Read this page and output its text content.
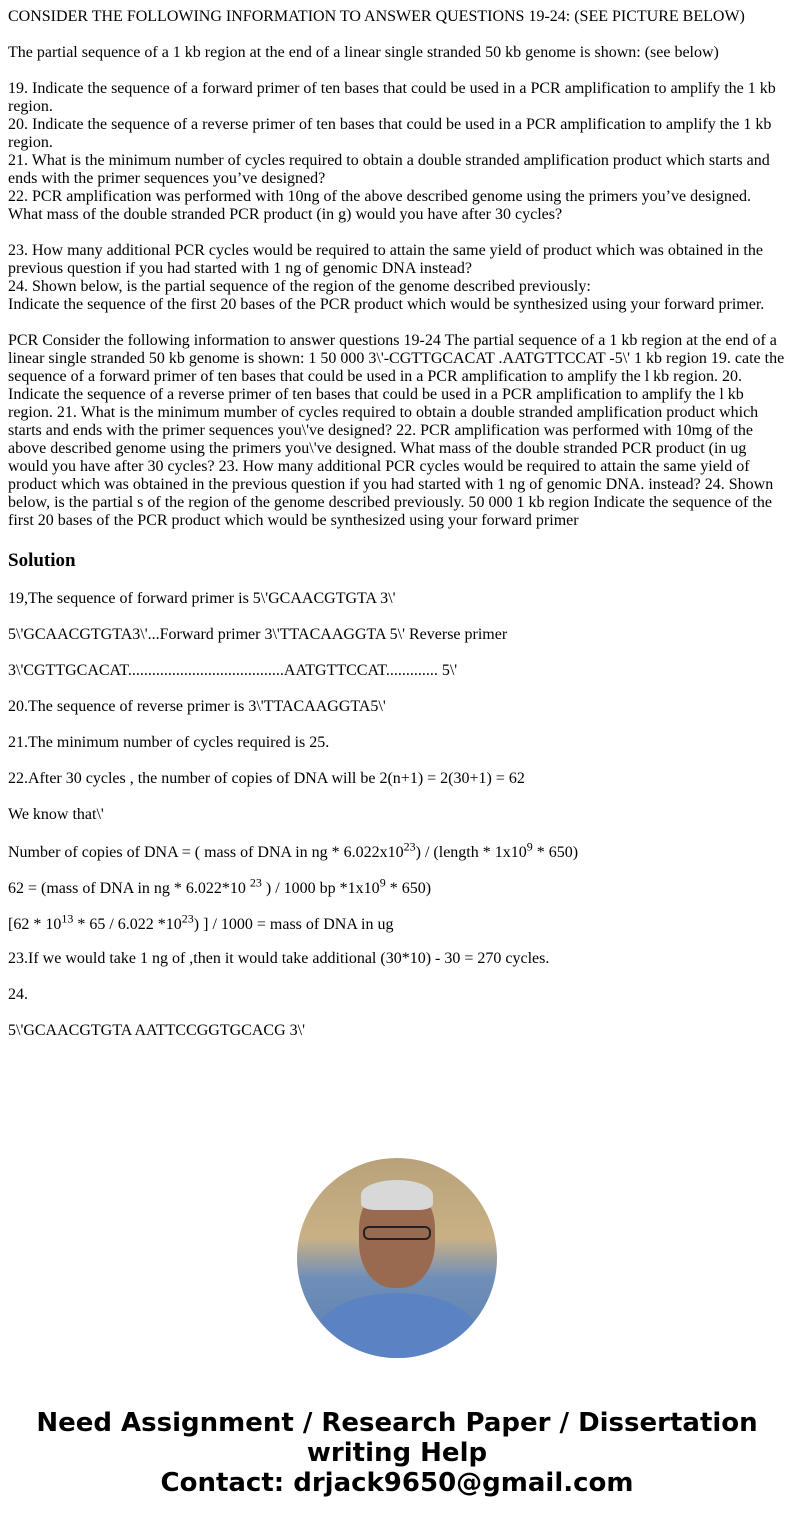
CONSIDER THE FOLLOWING INFORMATION TO ANSWER QUESTIONS 19-24: (SEE PICTURE BELOW)

The partial sequence of a 1 kb region at the end of a linear single stranded 50 kb genome is shown: (see below)

19. Indicate the sequence of a forward primer of ten bases that could be used in a PCR amplification to amplify the 1 kb region.
20. Indicate the sequence of a reverse primer of ten bases that could be used in a PCR amplification to amplify the 1 kb region.
21. What is the minimum number of cycles required to obtain a double stranded amplification product which starts and ends with the primer sequences you’ve designed?
22. PCR amplification was performed with 10ng of the above described genome using the primers you’ve designed. What mass of the double stranded PCR product (in g) would you have after 30 cycles?

23. How many additional PCR cycles would be required to attain the same yield of product which was obtained in the previous question if you had started with 1 ng of genomic DNA instead?
24. Shown below, is the partial sequence of the region of the genome described previously:
Indicate the sequence of the first 20 bases of the PCR product which would be synthesized using your forward primer.

PCR Consider the following information to answer questions 19-24 The partial sequence of a 1 kb region at the end of a linear single stranded 50 kb genome is shown: 1 50 000 3\'-CGTTGCACAT .AATGTTCCAT -5\' 1 kb region 19. cate the sequence of a forward primer of ten bases that could be used in a PCR amplification to amplify the l kb region. 20. Indicate the sequence of a reverse primer of ten bases that could be used in a PCR amplification to amplify the l kb region. 21. What is the minimum mumber of cycles required to obtain a double stranded amplification product which starts and ends with the primer sequences you\'ve designed? 22. PCR amplification was performed with 10mg of the above described genome using the primers you\'ve designed. What mass of the double stranded PCR product (in ug would you have after 30 cycles? 23. How many additional PCR cycles would be required to attain the same yield of product which was obtained in the previous question if you had started with 1 ng of genomic DNA. instead? 24. Shown below, is the partial s of the region of the genome described previously. 50 000 1 kb region Indicate the sequence of the first 20 bases of the PCR product which would be synthesized using your forward primer

Solution

19,The sequence of forward primer is 5\'GCAACGTGTA 3\'

5\'GCAACGTGTA3\'...Forward primer 3\'TTACAAGGTA 5\' Reverse primer

3\'CGTTGCACAT.......................................AATGTTCCAT............. 5\'

20.The sequence of reverse primer is 3\'TTACAAGGTA5\'

21.The minimum number of cycles required is 25.

22.After 30 cycles , the number of copies of DNA will be 2(n+1) = 2(30+1) = 62

We know that\'

Number of copies of DNA = ( mass of DNA in ng * $6.022x10^{23}$) / (length * $1x10^9 * 650$)

62 = (mass of DNA in ng * 6.022*10 $^{23}$ ) / 1000 bp $*1x10^9 * 650$)

[$62 * 10^{13} * 65 / 6.022$ $*10^{23}$) ] / 1000 = mass of DNA in ug

23.If we would take 1 ng of ,then it would take additional (30*10) - 30 = 270 cycles.

24.

5\'GCAACGTGTA AATTCCGGTGCACG 3\'

Need Assignment / Research Paper / Dissertation writing Help
Contact: drjack9650@gmail.com
